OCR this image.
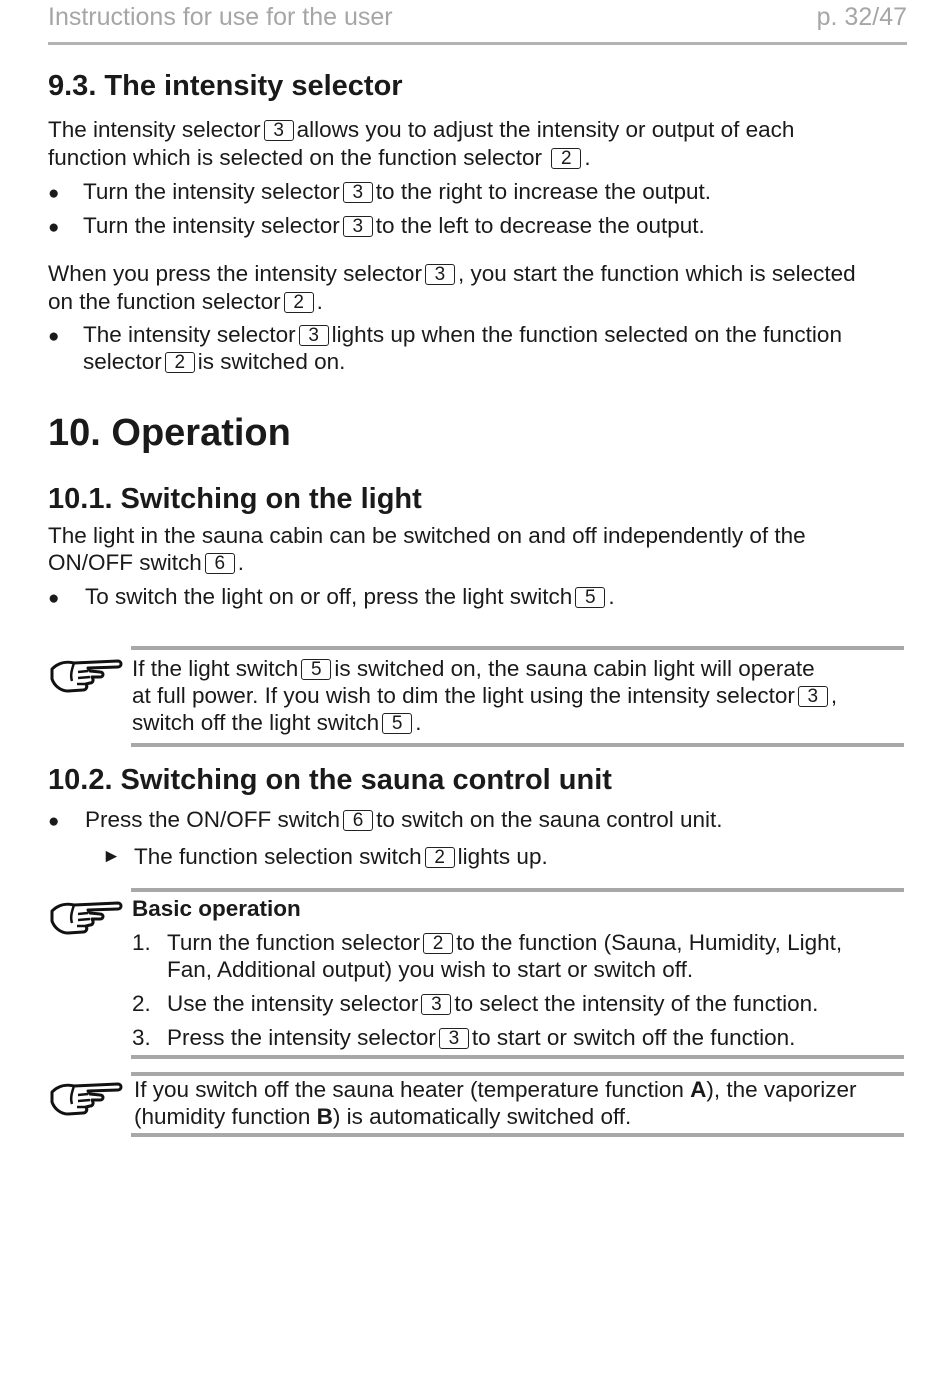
Instructions for use for the user	p. 32/47
9.3. The intensity selector
The intensity selector 3 allows you to adjust the intensity or output of each
function which is selected on the function selector 2 .
● Turn the intensity selector 3 to the right to increase the output.
● Turn the intensity selector 3 to the left to decrease the output.
When you press the intensity selector 3 , you start the function which is selected
on the function selector 2 .
● The intensity selector 3 lights up when the function selected on the function
selector 2 is switched on.
10. Operation
10.1. Switching on the light
The light in the sauna cabin can be switched on and off independently of the
ON/OFF switch 6 .
● To switch the light on or off, press the light switch 5 .
If the light switch 5 is switched on, the sauna cabin light will operate
at full power. If you wish to dim the light using the intensity selector 3 ,
switch off the light switch 5 .
10.2. Switching on the sauna control unit
● Press the ON/OFF switch 6 to switch on the sauna control unit.
► The function selection switch 2 lights up.
Basic operation
1. Turn the function selector 2 to the function (Sauna, Humidity, Light,
Fan, Additional output) you wish to start or switch off.
2. Use the intensity selector 3 to select the intensity of the function.
3. Press the intensity selector 3 to start or switch off the function.
If you switch off the sauna heater (temperature function A), the vaporizer
(humidity function B) is automatically switched off.
